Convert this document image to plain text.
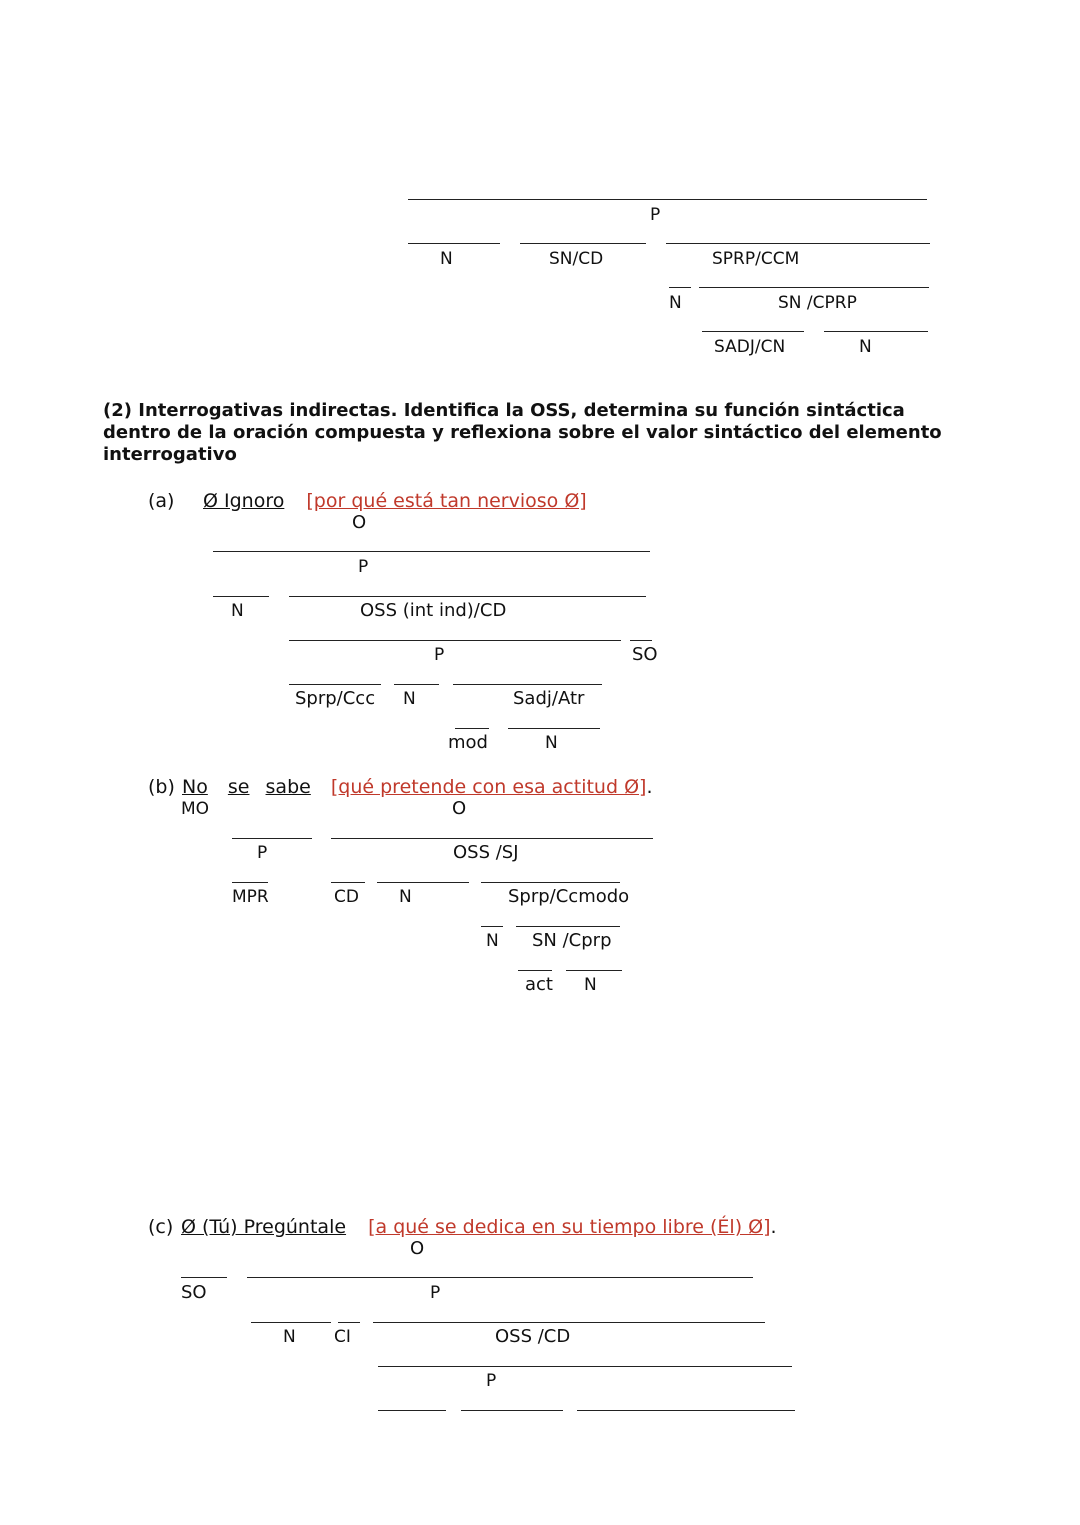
P
N	SN/CD	SPRP/CCM
N	SN /CPRP
SADJ/CN	N
(2) Interrogativas indirectas. Identifica la OSS, determina su función sintáctica dentro de la oración compuesta y reflexiona sobre el valor sintáctico del elemento interrogativo
(a) Ø Ignoro [por qué está tan nervioso Ø]
O
P
N	OSS (int ind)/CD
P	SO
Sprp/Ccc N	Sadj/Atr
mod	N
(b) No se sabe [qué pretende con esa actitud Ø].
MO	O
P	OSS /SJ
MPR	CD N	Sprp/Ccmodo
N SN /Cprp
act N
(c) Ø (Tú) Pregúntale [a qué se dedica en su tiempo libre (Él) Ø].
O
SO	P
N CI	OSS /CD
P
